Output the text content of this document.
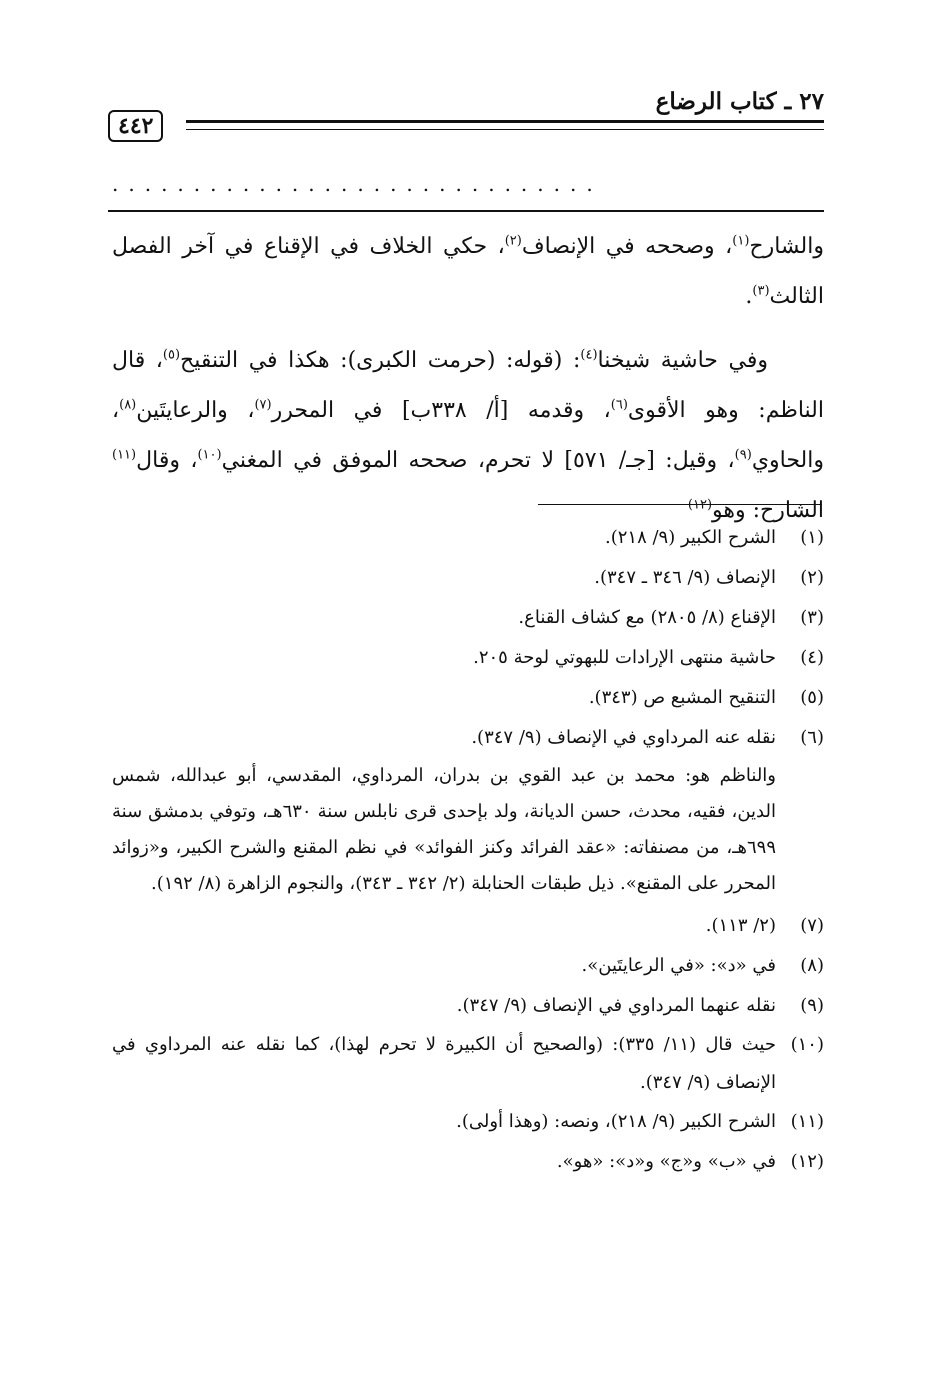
٢٧ ـ كتاب الرضاع
٤٤٢
..............................

والشارح$^{(١)}$، وصححه في الإنصاف$^{(٢)}$، حكي الخلاف في الإقناع في آخر الفصل الثالث$^{(٣)}$.

وفي حاشية شيخنا$^{(٤)}$: (قوله: (حرمت الكبرى): هكذا في التنقيح$^{(٥)}$، قال الناظم: وهو الأقوى$^{(٦)}$، وقدمه [أ/ ٣٣٨ب] في المحرر$^{(٧)}$، والرعايتَين$^{(٨)}$، والحاوي$^{(٩)}$، وقيل: [جـ/ ٥٧١] لا تحرم، صححه الموفق في المغني$^{(١٠)}$، وقال$^{(١١)}$ الشارح: وهو$^{(١٢)}$

(١)
الشرح الكبير (٩/ ٢١٨).
(٢)
الإنصاف (٩/ ٣٤٦ ـ ٣٤٧).
(٣)
الإقناع (٨/ ٢٨٠٥) مع كشاف القناع.
(٤)
حاشية منتهى الإرادات للبهوتي لوحة ٢٠٥.
(٥)
التنقيح المشبع ص (٣٤٣).
(٦)
نقله عنه المرداوي في الإنصاف (٩/ ٣٤٧).
والناظم هو: محمد بن عبد القوي بن بدران، المرداوي، المقدسي، أبو عبدالله، شمس الدين، فقيه، محدث، حسن الديانة، ولد بإحدى قرى نابلس سنة ٦٣٠هـ، وتوفي بدمشق سنة ٦٩٩هـ، من مصنفاته: «عقد الفرائد وكنز الفوائد» في نظم المقنع والشرح الكبير، و«زوائد المحرر على المقنع». ذيل طبقات الحنابلة (٢/ ٣٤٢ ـ ٣٤٣)، والنجوم الزاهرة (٨/ ١٩٢).
(٧)
(٢/ ١١٣).
(٨)
في «د»: «في الرعايتَين».
(٩)
نقله عنهما المرداوي في الإنصاف (٩/ ٣٤٧).
(١٠)
حيث قال (١١/ ٣٣٥): (والصحيح أن الكبيرة لا تحرم لهذا)، كما نقله عنه المرداوي في الإنصاف (٩/ ٣٤٧).
(١١)
الشرح الكبير (٩/ ٢١٨)، ونصه: (وهذا أولى).
(١٢)
في «ب» و«ج» و«د»: «هو».
